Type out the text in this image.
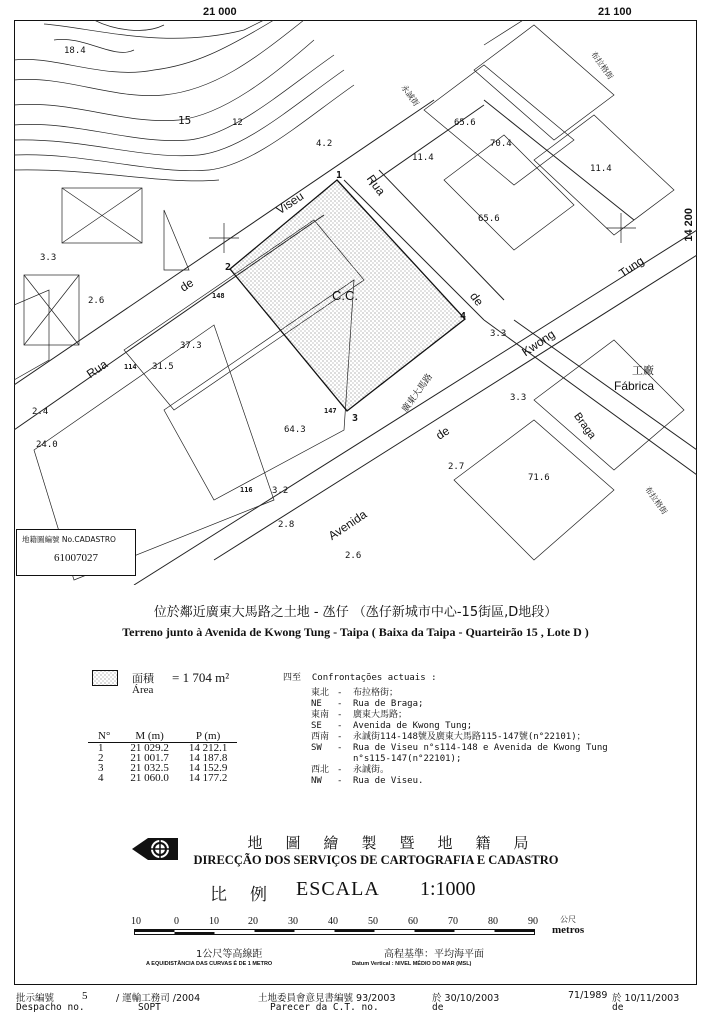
21 000	21 100
14 200
C.C.
18.4
3.3
2.6
4.2
11.4
65.6
70.4
11.4
65.6
37.3
31.5
64.3
2.4
24.0
3.3
3.2
2.8
2.6
2.7
71.6
3.3
15	12
Rua
de
Viseu
Rua
de
Kwong
Tung
Avenida
de	Braga
永誠街
布拉格街
廣東大馬路
布拉格街
工廠
Fábrica
1
2
3
4
148
114
147
116
地籍圖編號 No.CADASTRO
61007027
位於鄰近廣東大馬路之土地 - 氹仔 （氹仔新城市中心-15街區,D地段）
Terreno junto à Avenida de Kwong Tung - Taipa ( Baixa da Taipa - Quarteirão 15 , Lote D )
面積
Área
= 1 704 m²
N°	M (m)	P (m)
1	21 029.2	14 212.1
2	21 001.7	14 187.8
3	21 032.5	14 152.9
4	21 060.0	14 177.2
四至 Confrontações actuais :
東北 - 布拉格街；
NE - Rua de Braga;
東南 - 廣東大馬路；
SE - Avenida de Kwong Tung;
西南 - 永誠街114-148號及廣東大馬路115-147號(n°22101)；
SW - Rua de Viseu n°s114-148 e Avenida de Kwong Tung
n°s115-147(n°22101);
西北 - 永誠街。
NW - Rua de Viseu.
地　圖　繪　製　暨　地　籍　局
DIRECÇÃO DOS SERVIÇOS DE CARTOGRAFIA E CADASTRO
比　例 ESCALA 1:1000
10	0	10	20	30	40	50	60	70	80	90	公尺
metros
1公尺等高線距
A EQUIDISTÂNCIA DAS CURVAS É DE 1 METRO
高程基準：平均海平面
Datum Vertical : NIVEL MÉDIO DO MAR (MSL)
批示編號	5
Despacho no.
/ 運輸工務司 /2004
SOPT
土地委員會意見書編號 93/2003
Parecer da C.T. no.
於 30/10/2003
de
71/1989 於 10/11/2003
de
